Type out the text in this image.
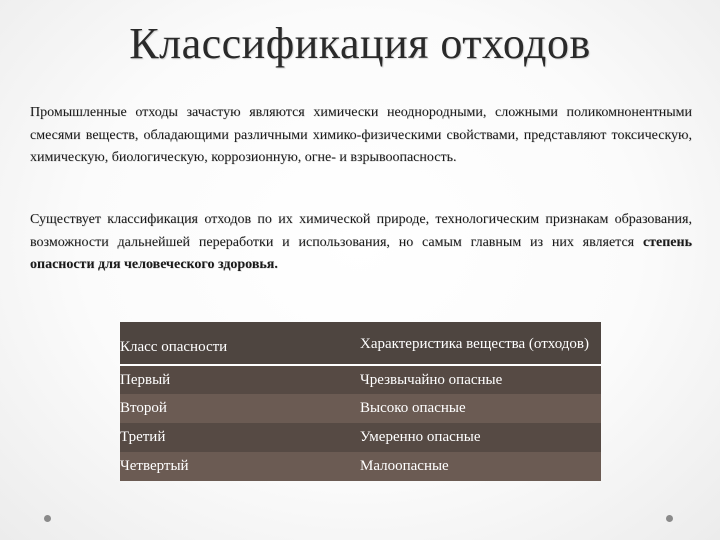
Классификация отходов
Промышленные отходы зачастую являются химически неоднородными, сложными поликомнонентными смесями веществ, обладающими различными химико-физическими свойствами, представляют токсическую, химическую, биологическую, коррозионную, огне- и взрывоопасность.
Существует классификация отходов по их химической природе, технологическим признакам образования, возможности дальнейшей переработки и использования, но самым главным из них является степень опасности для человеческого здоровья.
Класс опасности	Характеристика вещества (отходов)
Первый	Чрезвычайно опасные
Второй	Высоко опасные
Третий	Умеренно опасные
Четвертый	Малоопасные
